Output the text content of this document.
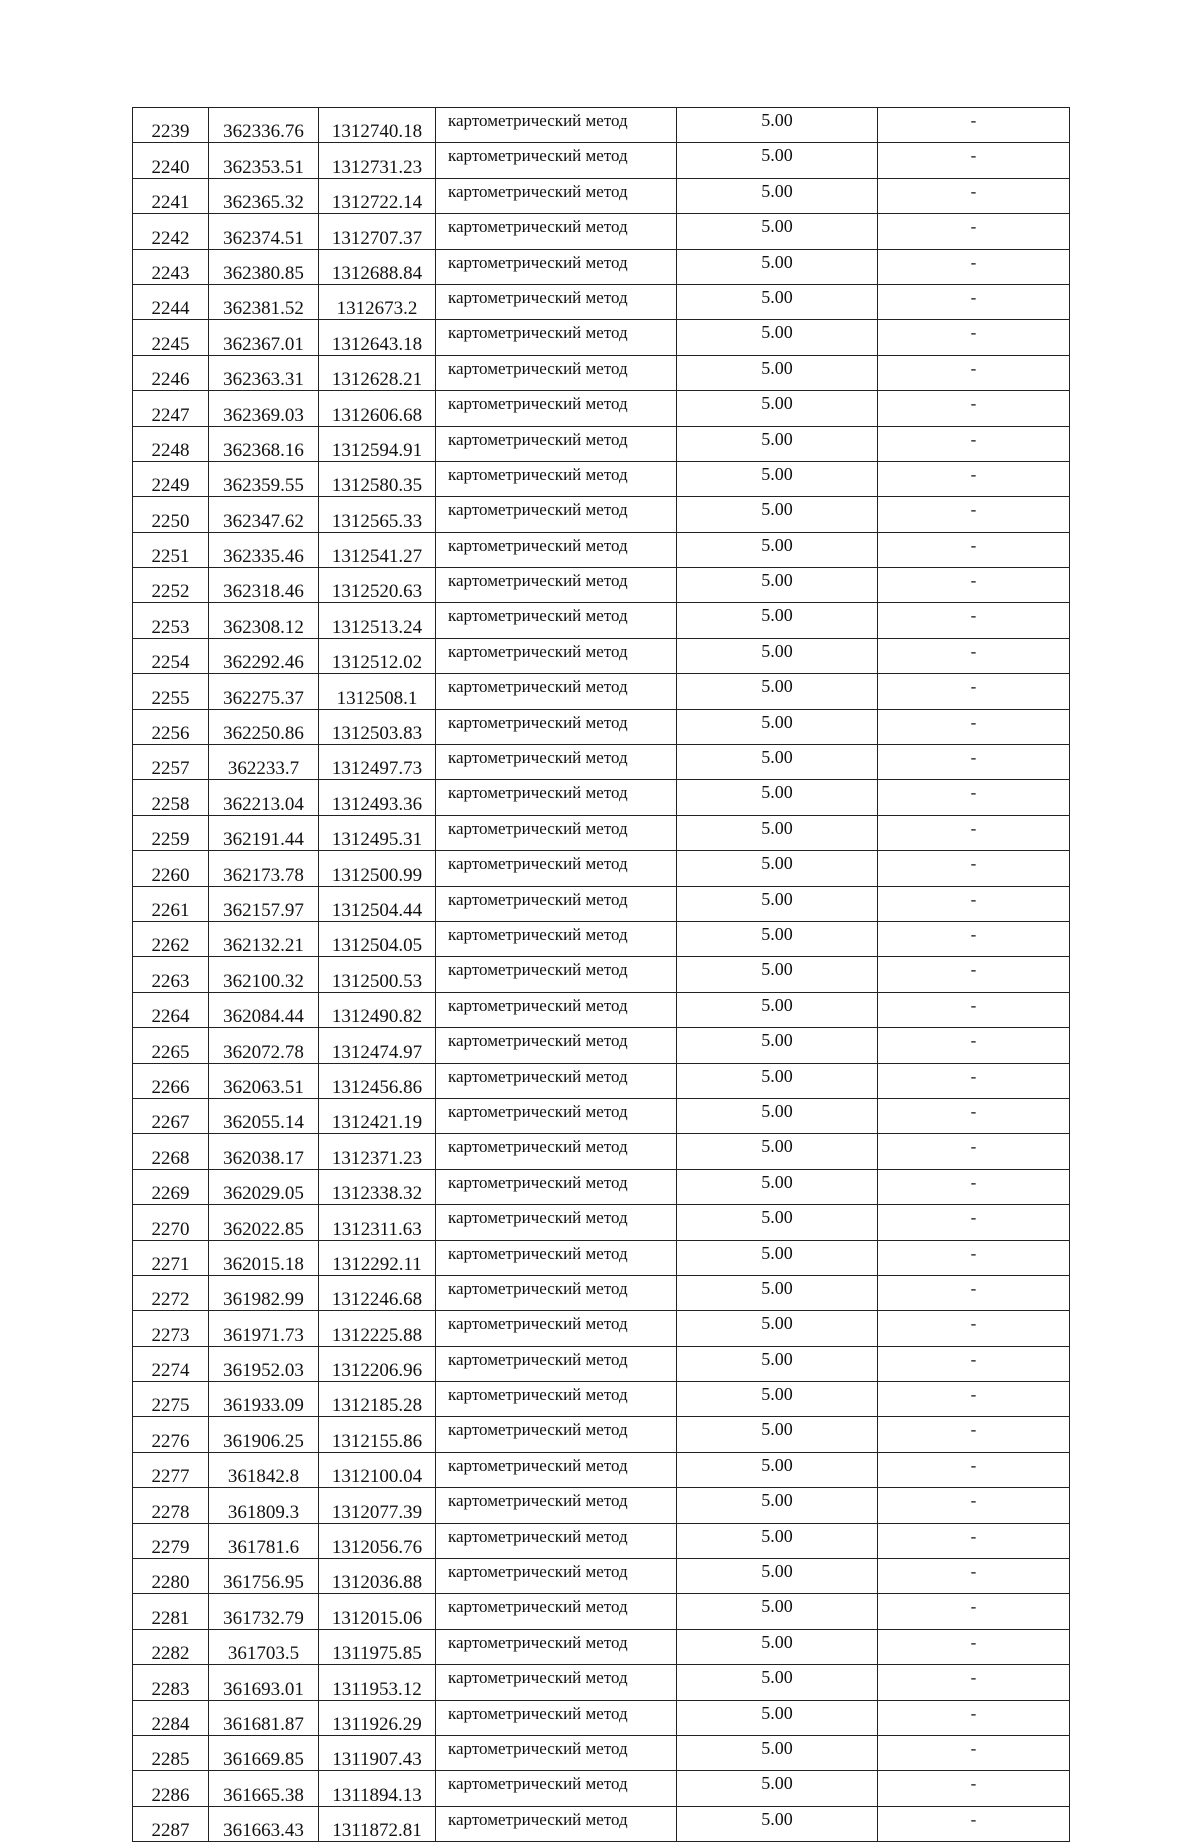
2239	362336.76	1312740.18	картометрический метод	5.00	-
2240	362353.51	1312731.23	картометрический метод	5.00	-
2241	362365.32	1312722.14	картометрический метод	5.00	-
2242	362374.51	1312707.37	картометрический метод	5.00	-
2243	362380.85	1312688.84	картометрический метод	5.00	-
2244	362381.52	1312673.2	картометрический метод	5.00	-
2245	362367.01	1312643.18	картометрический метод	5.00	-
2246	362363.31	1312628.21	картометрический метод	5.00	-
2247	362369.03	1312606.68	картометрический метод	5.00	-
2248	362368.16	1312594.91	картометрический метод	5.00	-
2249	362359.55	1312580.35	картометрический метод	5.00	-
2250	362347.62	1312565.33	картометрический метод	5.00	-
2251	362335.46	1312541.27	картометрический метод	5.00	-
2252	362318.46	1312520.63	картометрический метод	5.00	-
2253	362308.12	1312513.24	картометрический метод	5.00	-
2254	362292.46	1312512.02	картометрический метод	5.00	-
2255	362275.37	1312508.1	картометрический метод	5.00	-
2256	362250.86	1312503.83	картометрический метод	5.00	-
2257	362233.7	1312497.73	картометрический метод	5.00	-
2258	362213.04	1312493.36	картометрический метод	5.00	-
2259	362191.44	1312495.31	картометрический метод	5.00	-
2260	362173.78	1312500.99	картометрический метод	5.00	-
2261	362157.97	1312504.44	картометрический метод	5.00	-
2262	362132.21	1312504.05	картометрический метод	5.00	-
2263	362100.32	1312500.53	картометрический метод	5.00	-
2264	362084.44	1312490.82	картометрический метод	5.00	-
2265	362072.78	1312474.97	картометрический метод	5.00	-
2266	362063.51	1312456.86	картометрический метод	5.00	-
2267	362055.14	1312421.19	картометрический метод	5.00	-
2268	362038.17	1312371.23	картометрический метод	5.00	-
2269	362029.05	1312338.32	картометрический метод	5.00	-
2270	362022.85	1312311.63	картометрический метод	5.00	-
2271	362015.18	1312292.11	картометрический метод	5.00	-
2272	361982.99	1312246.68	картометрический метод	5.00	-
2273	361971.73	1312225.88	картометрический метод	5.00	-
2274	361952.03	1312206.96	картометрический метод	5.00	-
2275	361933.09	1312185.28	картометрический метод	5.00	-
2276	361906.25	1312155.86	картометрический метод	5.00	-
2277	361842.8	1312100.04	картометрический метод	5.00	-
2278	361809.3	1312077.39	картометрический метод	5.00	-
2279	361781.6	1312056.76	картометрический метод	5.00	-
2280	361756.95	1312036.88	картометрический метод	5.00	-
2281	361732.79	1312015.06	картометрический метод	5.00	-
2282	361703.5	1311975.85	картометрический метод	5.00	-
2283	361693.01	1311953.12	картометрический метод	5.00	-
2284	361681.87	1311926.29	картометрический метод	5.00	-
2285	361669.85	1311907.43	картометрический метод	5.00	-
2286	361665.38	1311894.13	картометрический метод	5.00	-
2287	361663.43	1311872.81	картометрический метод	5.00	-
